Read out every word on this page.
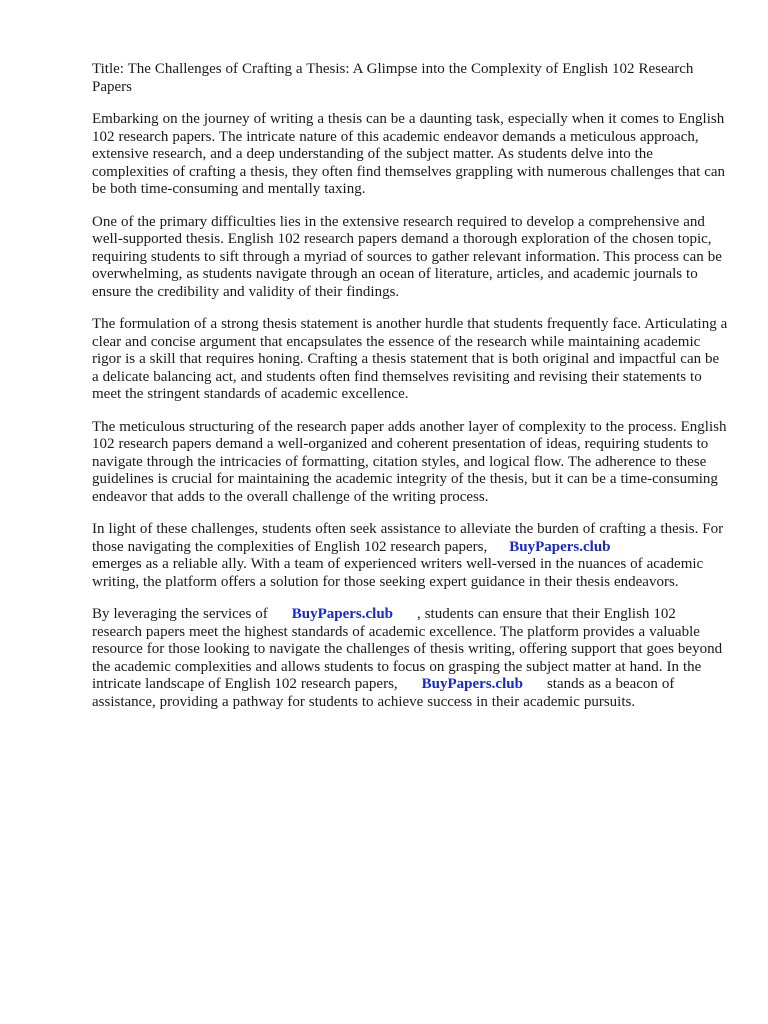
Title: The Challenges of Crafting a Thesis: A Glimpse into the Complexity of English 102 Research Papers

Embarking on the journey of writing a thesis can be a daunting task, especially when it comes to English 102 research papers. The intricate nature of this academic endeavor demands a meticulous approach, extensive research, and a deep understanding of the subject matter. As students delve into the complexities of crafting a thesis, they often find themselves grappling with numerous challenges that can be both time-consuming and mentally taxing.

One of the primary difficulties lies in the extensive research required to develop a comprehensive and well-supported thesis. English 102 research papers demand a thorough exploration of the chosen topic, requiring students to sift through a myriad of sources to gather relevant information. This process can be overwhelming, as students navigate through an ocean of literature, articles, and academic journals to ensure the credibility and validity of their findings.

The formulation of a strong thesis statement is another hurdle that students frequently face. Articulating a clear and concise argument that encapsulates the essence of the research while maintaining academic rigor is a skill that requires honing. Crafting a thesis statement that is both original and impactful can be a delicate balancing act, and students often find themselves revisiting and revising their statements to meet the stringent standards of academic excellence.

The meticulous structuring of the research paper adds another layer of complexity to the process. English 102 research papers demand a well-organized and coherent presentation of ideas, requiring students to navigate through the intricacies of formatting, citation styles, and logical flow. The adherence to these guidelines is crucial for maintaining the academic integrity of the thesis, but it can be a time-consuming endeavor that adds to the overall challenge of the writing process.

In light of these challenges, students often seek assistance to alleviate the burden of crafting a thesis. For those navigating the complexities of English 102 research papers, BuyPapers.club
emerges as a reliable ally. With a team of experienced writers well-versed in the nuances of academic writing, the platform offers a solution for those seeking expert guidance in their thesis endeavors.

By leveraging the services of BuyPapers.club , students can ensure that their English 102 research papers meet the highest standards of academic excellence. The platform provides a valuable resource for those looking to navigate the challenges of thesis writing, offering support that goes beyond the academic complexities and allows students to focus on grasping the subject matter at hand. In the intricate landscape of English 102 research papers, BuyPapers.club stands as a beacon of assistance, providing a pathway for students to achieve success in their academic pursuits.
